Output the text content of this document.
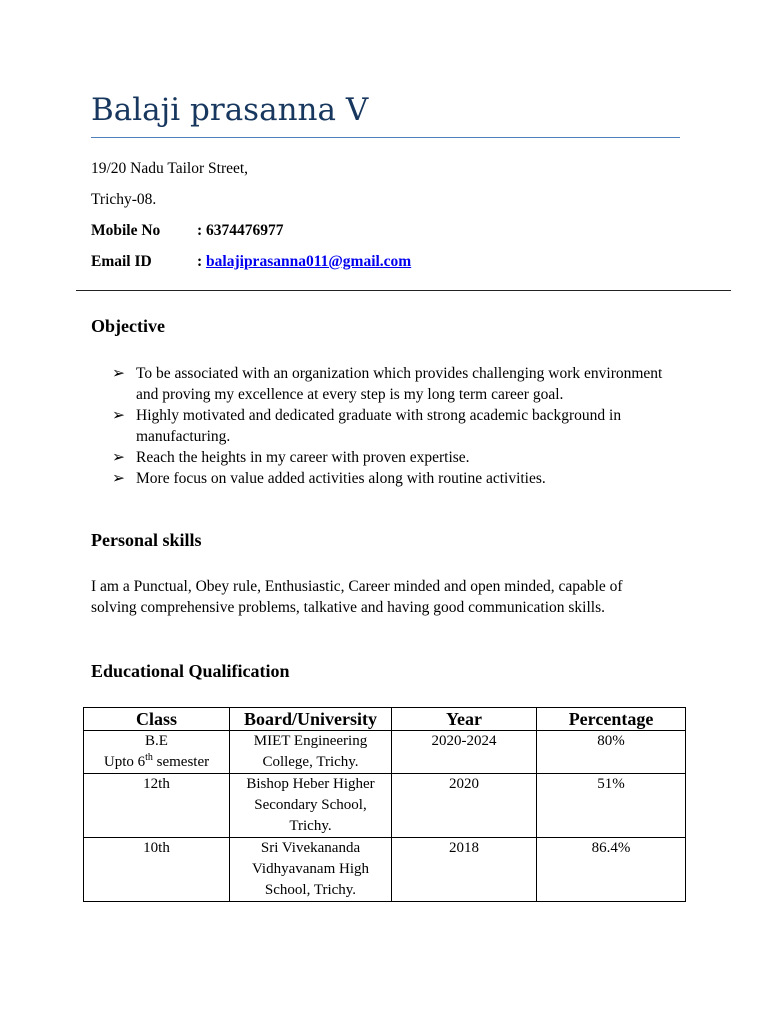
Balaji prasanna V
19/20 Nadu Tailor Street,
Trichy-08.
Mobile No : 6374476977
Email ID	: balajiprasanna011@gmail.com
Objective
➢ To be associated with an organization which provides challenging work environment and proving my excellence at every step is my long term career goal.
➢ Highly motivated and dedicated graduate with strong academic background in manufacturing.
➢ Reach the heights in my career with proven expertise.
➢ More focus on value added activities along with routine activities.
Personal skills

I am a Punctual, Obey rule, Enthusiastic, Career minded and open minded, capable of solving comprehensive problems, talkative and having good communication skills.

Educational Qualification
Class	Board/University	Year	Percentage

B.E
Upto 6th semester	MIET Engineering College, Trichy.	2020-2024	80%
12th	Bishop Heber Higher Secondary School, Trichy.	2020	51%
10th	Sri Vivekananda Vidhyavanam High School, Trichy.	2018	86.4%
